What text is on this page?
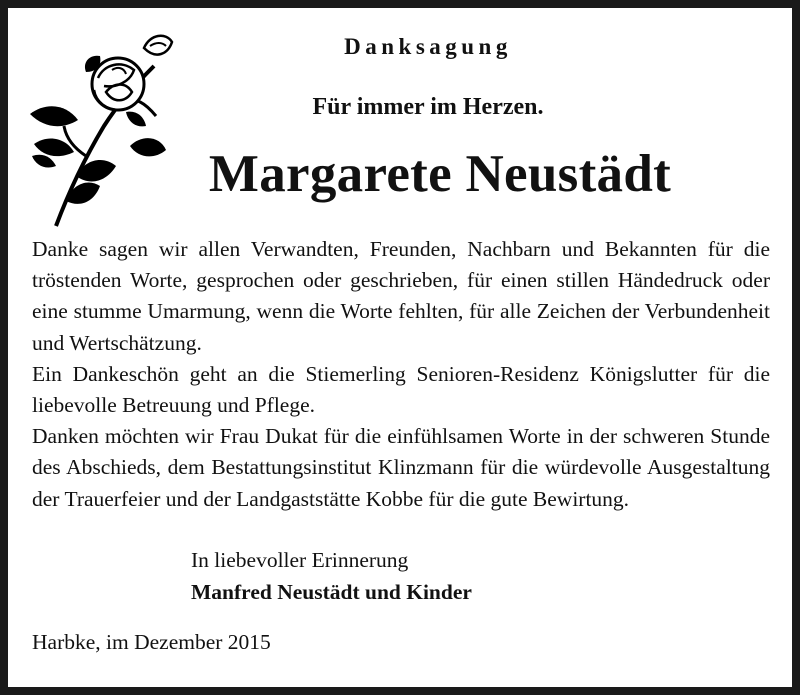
Danksagung
Für immer im Herzen.
Margarete Neustädt

Danke sagen wir allen Verwandten, Freunden, Nachbarn und Bekannten für die tröstenden Worte, gesprochen oder geschrieben, für einen stillen Händedruck oder eine stumme Umarmung, wenn die Worte fehlten, für alle Zeichen der Verbundenheit und Wertschätzung.

Ein Dankeschön geht an die Stiemerling Senioren-Residenz Königslutter für die liebevolle Betreuung und Pflege.

Danken möchten wir Frau Dukat für die einfühlsamen Worte in der schweren Stunde des Abschieds, dem Bestattungsinstitut Klinzmann für die würdevolle Ausgestaltung der Trauerfeier und der Landgaststätte Kobbe für die gute Bewirtung.

In liebevoller Erinnerung
Manfred Neustädt und Kinder
Harbke, im Dezember 2015
